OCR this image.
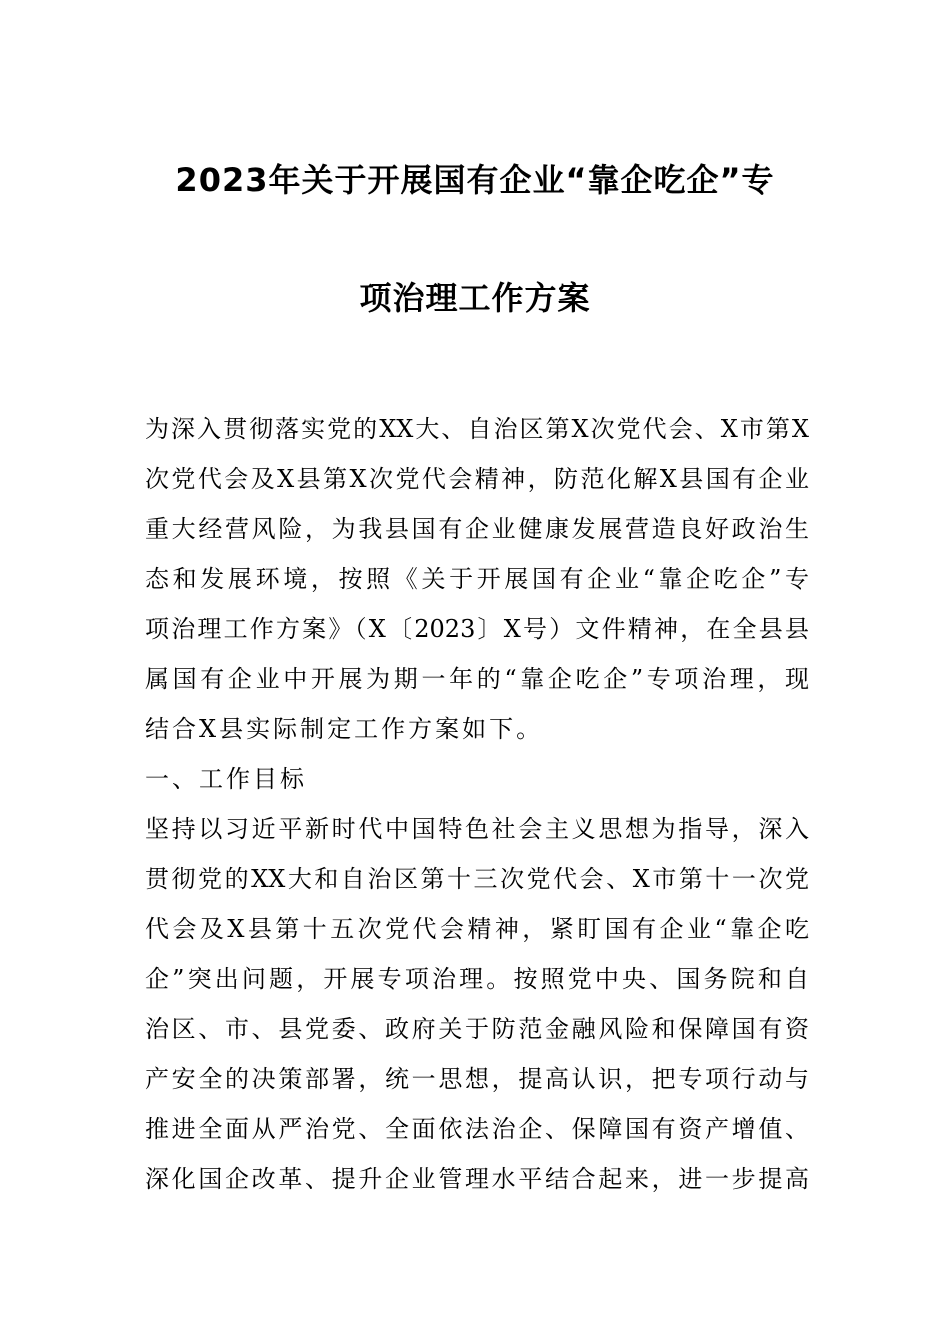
2023年关于开展国有企业“靠企吃企”专
项治理工作方案
为深入贯彻落实党的XX大、自治区第X次党代会、X市第X
次党代会及X县第X次党代会精神，防范化解X县国有企业
重大经营风险，为我县国有企业健康发展营造良好政治生
态和发展环境，按照《关于开展国有企业“靠企吃企”专
项治理工作方案》（X〔2023〕X号）文件精神，在全县县
属国有企业中开展为期一年的“靠企吃企”专项治理，现
结合X县实际制定工作方案如下。
一、工作目标
坚持以习近平新时代中国特色社会主义思想为指导，深入
贯彻党的XX大和自治区第十三次党代会、X市第十一次党
代会及X县第十五次党代会精神，紧盯国有企业“靠企吃
企”突出问题，开展专项治理。按照党中央、国务院和自
治区、市、县党委、政府关于防范金融风险和保障国有资
产安全的决策部署，统一思想，提高认识，把专项行动与
推进全面从严治党、全面依法治企、保障国有资产增值、
深化国企改革、提升企业管理水平结合起来，进一步提高
